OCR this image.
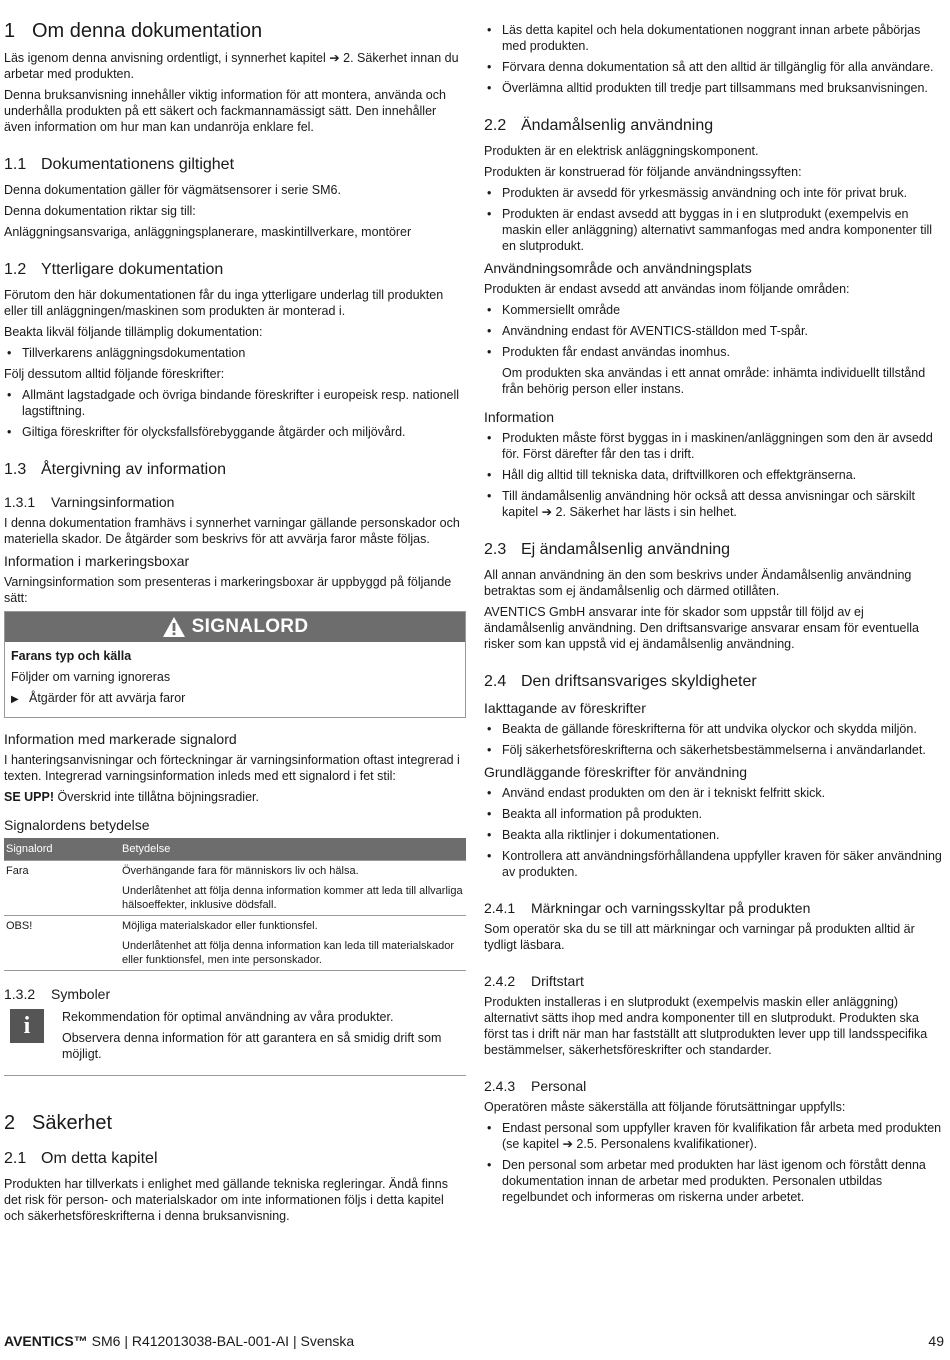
1 Om denna dokumentation

Läs igenom denna anvisning ordentligt, i synnerhet kapitel ➔ 2. Säkerhet innan du arbetar med produkten.

Denna bruksanvisning innehåller viktig information för att montera, använda och underhålla produkten på ett säkert och fackmannamässigt sätt. Den innehåller även information om hur man kan undanröja enklare fel.

1.1 Dokumentationens giltighet

Denna dokumentation gäller för vägmätsensorer i serie SM6.

Denna dokumentation riktar sig till:

Anläggningsansvariga, anläggningsplanerare, maskintillverkare, montörer

1.2 Ytterligare dokumentation

Förutom den här dokumentationen får du inga ytterligare underlag till produkten eller till anläggningen/maskinen som produkten är monterad i.

Beakta likväl följande tillämplig dokumentation:

• Tillverkarens anläggningsdokumentation

Följ dessutom alltid följande föreskrifter:

• Allmänt lagstadgade och övriga bindande föreskrifter i europeisk resp. nationell lagstiftning.
• Giltiga föreskrifter för olycksfallsförebyggande åtgärder och miljövård.
1.3 Återgivning av information
1.3.1 Varningsinformation

I denna dokumentation framhävs i synnerhet varningar gällande personskador och materiella skador. De åtgärder som beskrivs för att avvärja faror måste följas.

Information i markeringsboxar

Varningsinformation som presenteras i markeringsboxar är uppbyggd på följande sätt:

SIGNALORD
Farans typ och källa
Följder om varning ignoreras
▶ Åtgärder för att avvärja faror
Information med markerade signalord

I hanteringsanvisningar och förteckningar är varningsinformation oftast integrerad i texten. Integrerad varningsinformation inleds med ett signalord i fet stil:

SE UPP! Överskrid inte tillåtna böjningsradier.

Signalordens betydelse
Signalord	Betydelse
Fara	Överhängande fara för människors liv och hälsa.
	Underlåtenhet att följa denna information kommer att leda till allvarliga hälsoeffekter, inklusive dödsfall.
OBS!	Möjliga materialskador eller funktionsfel.
	Underlåtenhet att följa denna information kan leda till materialskador eller funktionsfel, men inte personskador.
1.3.2 Symboler
i	Rekommendation för optimal användning av våra produkter.

Observera denna information för att garantera en så smidig drift som möjligt.

2 Säkerhet
2.1 Om detta kapitel

Produkten har tillverkats i enlighet med gällande tekniska regleringar. Ändå finns det risk för person- och materialskador om inte informationen följs i detta kapitel och säkerhetsföreskrifterna i denna bruksanvisning.

• Läs detta kapitel och hela dokumentationen noggrant innan arbete påbörjas med produkten.
• Förvara denna dokumentation så att den alltid är tillgänglig för alla användare.
• Överlämna alltid produkten till tredje part tillsammans med bruksanvisningen.
2.2 Ändamålsenlig användning

Produkten är en elektrisk anläggningskomponent.

Produkten är konstruerad för följande användningssyften:

• Produkten är avsedd för yrkesmässig användning och inte för privat bruk.
• Produkten är endast avsedd att byggas in i en slutprodukt (exempelvis en maskin eller anläggning) alternativt sammanfogas med andra komponenter till en slutprodukt.
Användningsområde och användningsplats

Produkten är endast avsedd att användas inom följande områden:

• Kommersiellt område
• Användning endast för AVENTICS-ställdon med T-spår.
• Produkten får endast användas inomhus.

Om produkten ska användas i ett annat område: inhämta individuellt tillstånd från behörig person eller instans.

Information
• Produkten måste först byggas in i maskinen/anläggningen som den är avsedd för. Först därefter får den tas i drift.
• Håll dig alltid till tekniska data, driftvillkoren och effektgränserna.
• Till ändamålsenlig användning hör också att dessa anvisningar och särskilt kapitel ➔ 2. Säkerhet har lästs i sin helhet.
2.3 Ej ändamålsenlig användning

All annan användning än den som beskrivs under Ändamålsenlig användning betraktas som ej ändamålsenlig och därmed otillåten.

AVENTICS GmbH ansvarar inte för skador som uppstår till följd av ej ändamålsenlig användning. Den driftsansvarige ansvarar ensam för eventuella risker som kan uppstå vid ej ändamålsenlig användning.

2.4 Den driftsansvariges skyldigheter
Iakttagande av föreskrifter
• Beakta de gällande föreskrifterna för att undvika olyckor och skydda miljön.
• Följ säkerhetsföreskrifterna och säkerhetsbestämmelserna i användarlandet.
Grundläggande föreskrifter för användning
• Använd endast produkten om den är i tekniskt felfritt skick.
• Beakta all information på produkten.
• Beakta alla riktlinjer i dokumentationen.
• Kontrollera att användningsförhållandena uppfyller kraven för säker användning av produkten.
2.4.1 Märkningar och varningsskyltar på produkten

Som operatör ska du se till att märkningar och varningar på produkten alltid är tydligt läsbara.

2.4.2 Driftstart

Produkten installeras i en slutprodukt (exempelvis maskin eller anläggning) alternativt sätts ihop med andra komponenter till en slutprodukt. Produkten ska först tas i drift när man har fastställt att slutprodukten lever upp till landsspecifika bestämmelser, säkerhetsföreskrifter och standarder.

2.4.3 Personal

Operatören måste säkerställa att följande förutsättningar uppfylls:

• Endast personal som uppfyller kraven för kvalifikation får arbeta med produkten (se kapitel ➔ 2.5. Personalens kvalifikationer).
• Den personal som arbetar med produkten har läst igenom och förstått denna dokumentation innan de arbetar med produkten. Personalen utbildas regelbundet och informeras om riskerna under arbetet.
AVENTICS™ SM6 | R412013038-BAL-001-AI | Svenska	49
